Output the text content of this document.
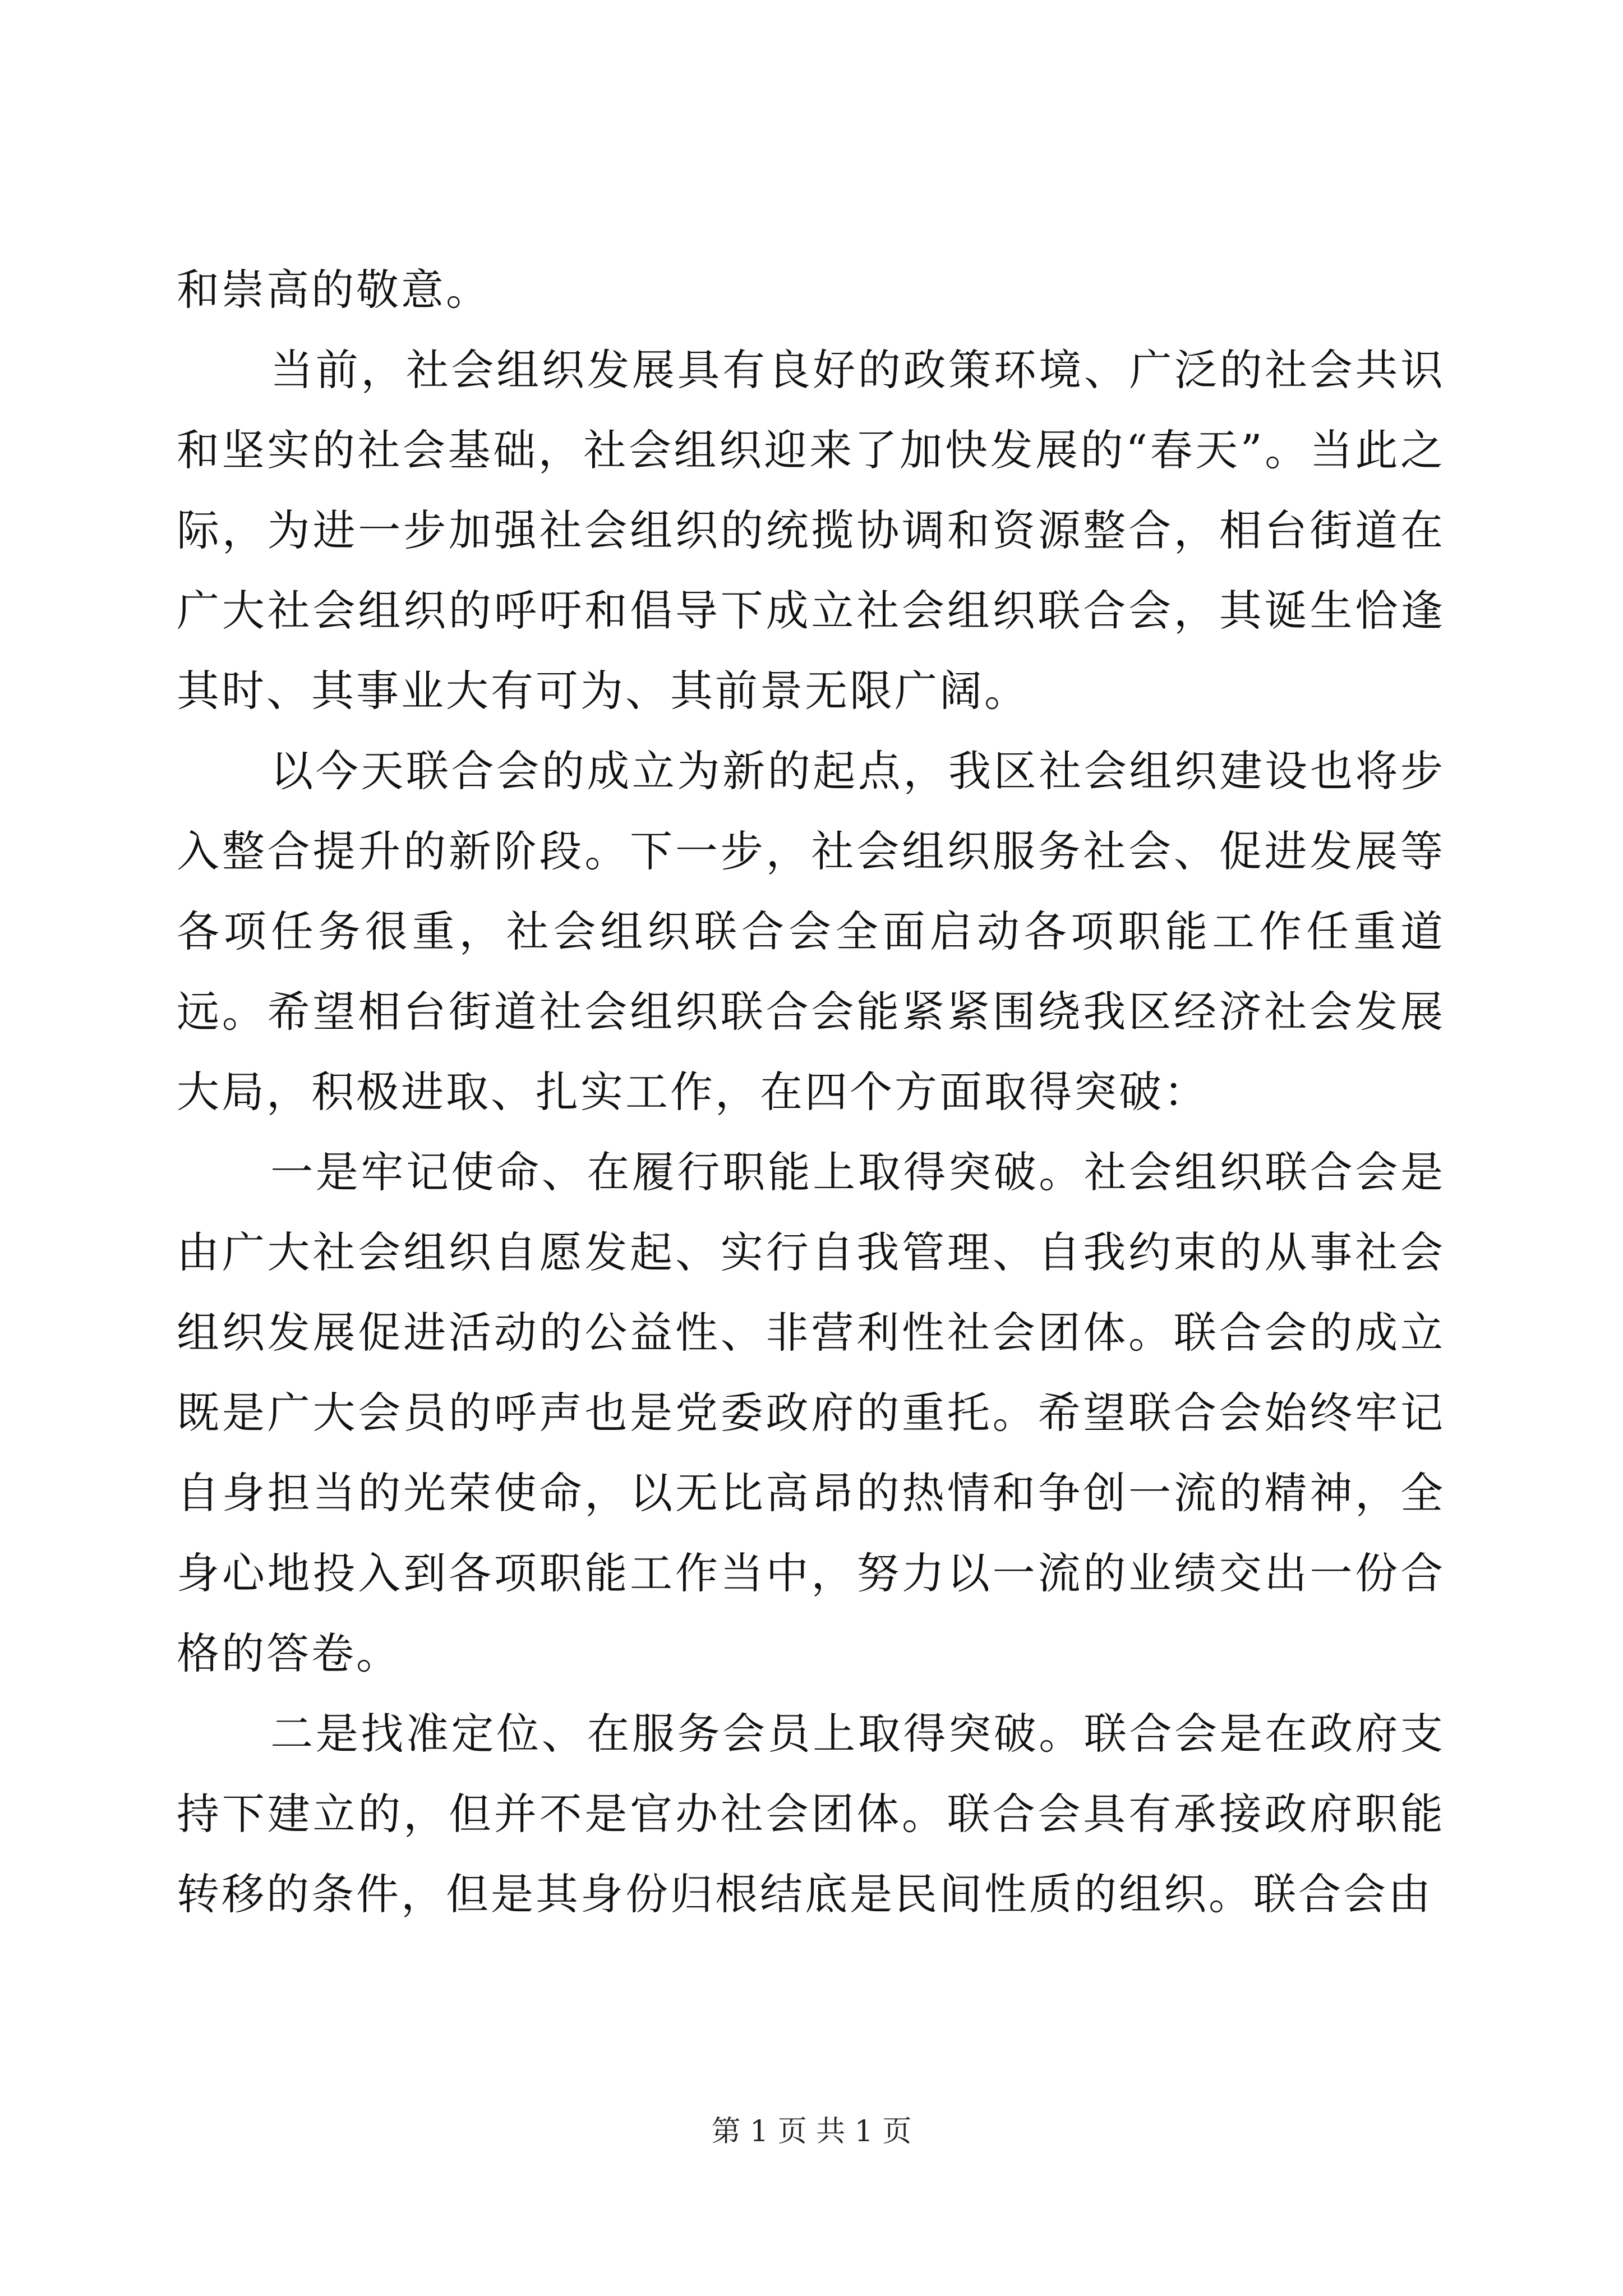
和崇高的敬意。

当前，社会组织发展具有良好的政策环境、广泛的社会共识和坚实的社会基础，社会组织迎来了加快发展的“春天”。当此之际，为进一步加强社会组织的统揽协调和资源整合，相台街道在广大社会组织的呼吁和倡导下成立社会组织联合会，其诞生恰逢其时、其事业大有可为、其前景无限广阔。

以今天联合会的成立为新的起点，我区社会组织建设也将步入整合提升的新阶段。下一步，社会组织服务社会、促进发展等各项任务很重，社会组织联合会全面启动各项职能工作任重道远。希望相台街道社会组织联合会能紧紧围绕我区经济社会发展大局，积极进取、扎实工作，在四个方面取得突破：

一是牢记使命、在履行职能上取得突破。社会组织联合会是由广大社会组织自愿发起、实行自我管理、自我约束的从事社会组织发展促进活动的公益性、非营利性社会团体。联合会的成立既是广大会员的呼声也是党委政府的重托。希望联合会始终牢记自身担当的光荣使命，以无比高昂的热情和争创一流的精神，全身心地投入到各项职能工作当中，努力以一流的业绩交出一份合格的答卷。

二是找准定位、在服务会员上取得突破。联合会是在政府支持下建立的，但并不是官办社会团体。联合会具有承接政府职能转移的条件，但是其身份归根结底是民间性质的组织。联合会由

第 1 页 共 1 页
